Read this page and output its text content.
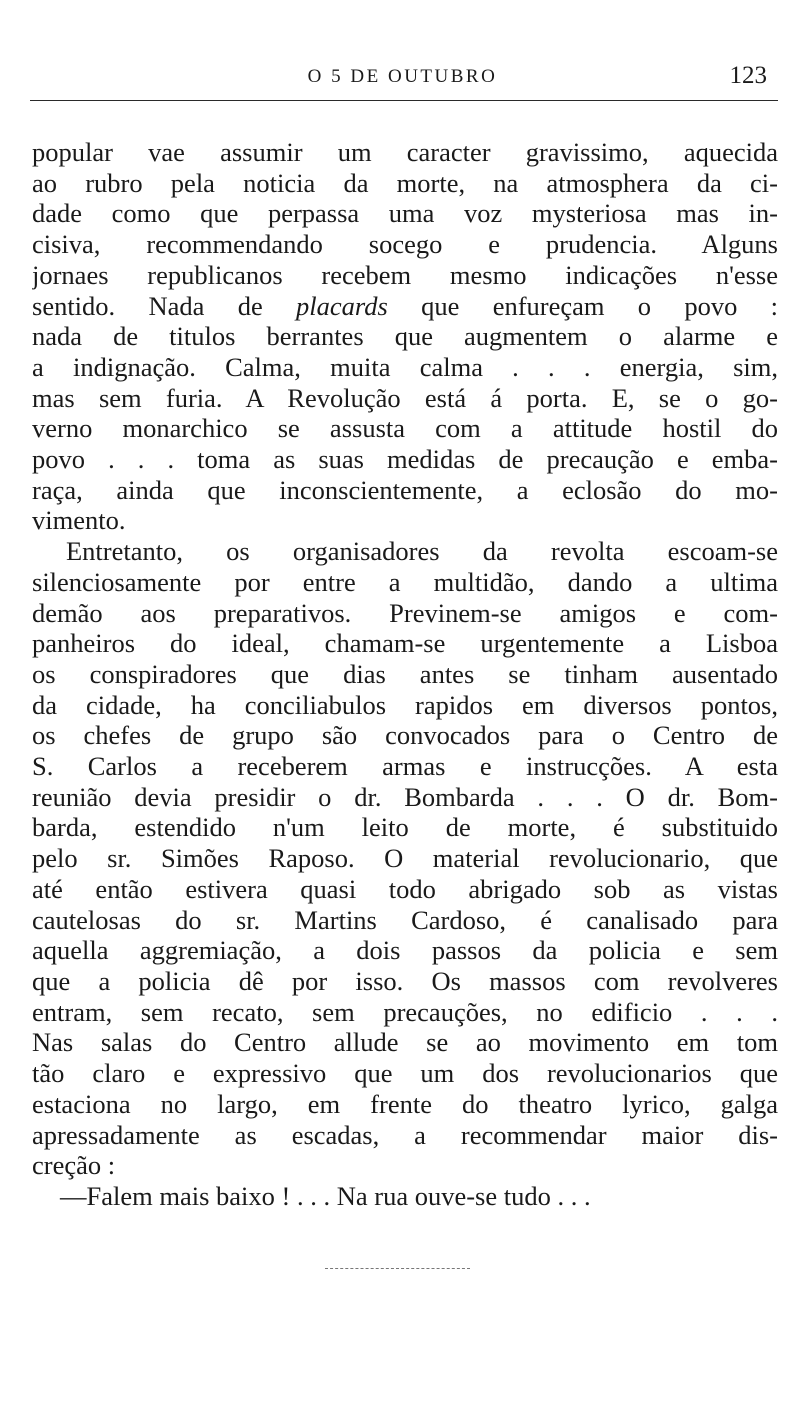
O 5 DE OUTUBRO	123
popular vae assumir um caracter gravissimo, aquecida
ao rubro pela noticia da morte, na atmosphera da ci-
dade como que perpassa uma voz mysteriosa mas in-
cisiva, recommendando socego e prudencia. Alguns
jornaes republicanos recebem mesmo indicações n'esse
sentido. Nada de placards que enfureçam o povo :
nada de titulos berrantes que augmentem o alarme e
a indignação. Calma, muita calma . . . energia, sim,
mas sem furia. A Revolução está á porta. E, se o go-
verno monarchico se assusta com a attitude hostil do
povo . . . toma as suas medidas de precaução e emba-
raça, ainda que inconscientemente, a eclosão do mo-
vimento.
Entretanto, os organisadores da revolta escoam-se
silenciosamente por entre a multidão, dando a ultima
demão aos preparativos. Previnem-se amigos e com-
panheiros do ideal, chamam-se urgentemente a Lisboa
os conspiradores que dias antes se tinham ausentado
da cidade, ha conciliabulos rapidos em diversos pontos,
os chefes de grupo são convocados para o Centro de
S. Carlos a receberem armas e instrucções. A esta
reunião devia presidir o dr. Bombarda . . . O dr. Bom-
barda, estendido n'um leito de morte, é substituido
pelo sr. Simões Raposo. O material revolucionario, que
até então estivera quasi todo abrigado sob as vistas
cautelosas do sr. Martins Cardoso, é canalisado para
aquella aggremiação, a dois passos da policia e sem
que a policia dê por isso. Os massos com revolveres
entram, sem recato, sem precauções, no edificio . . .
Nas salas do Centro allude se ao movimento em tom
tão claro e expressivo que um dos revolucionarios que
estaciona no largo, em frente do theatro lyrico, galga
apressadamente as escadas, a recommendar maior dis-
creção :
—Falem mais baixo ! . . . Na rua ouve-se tudo . . .
